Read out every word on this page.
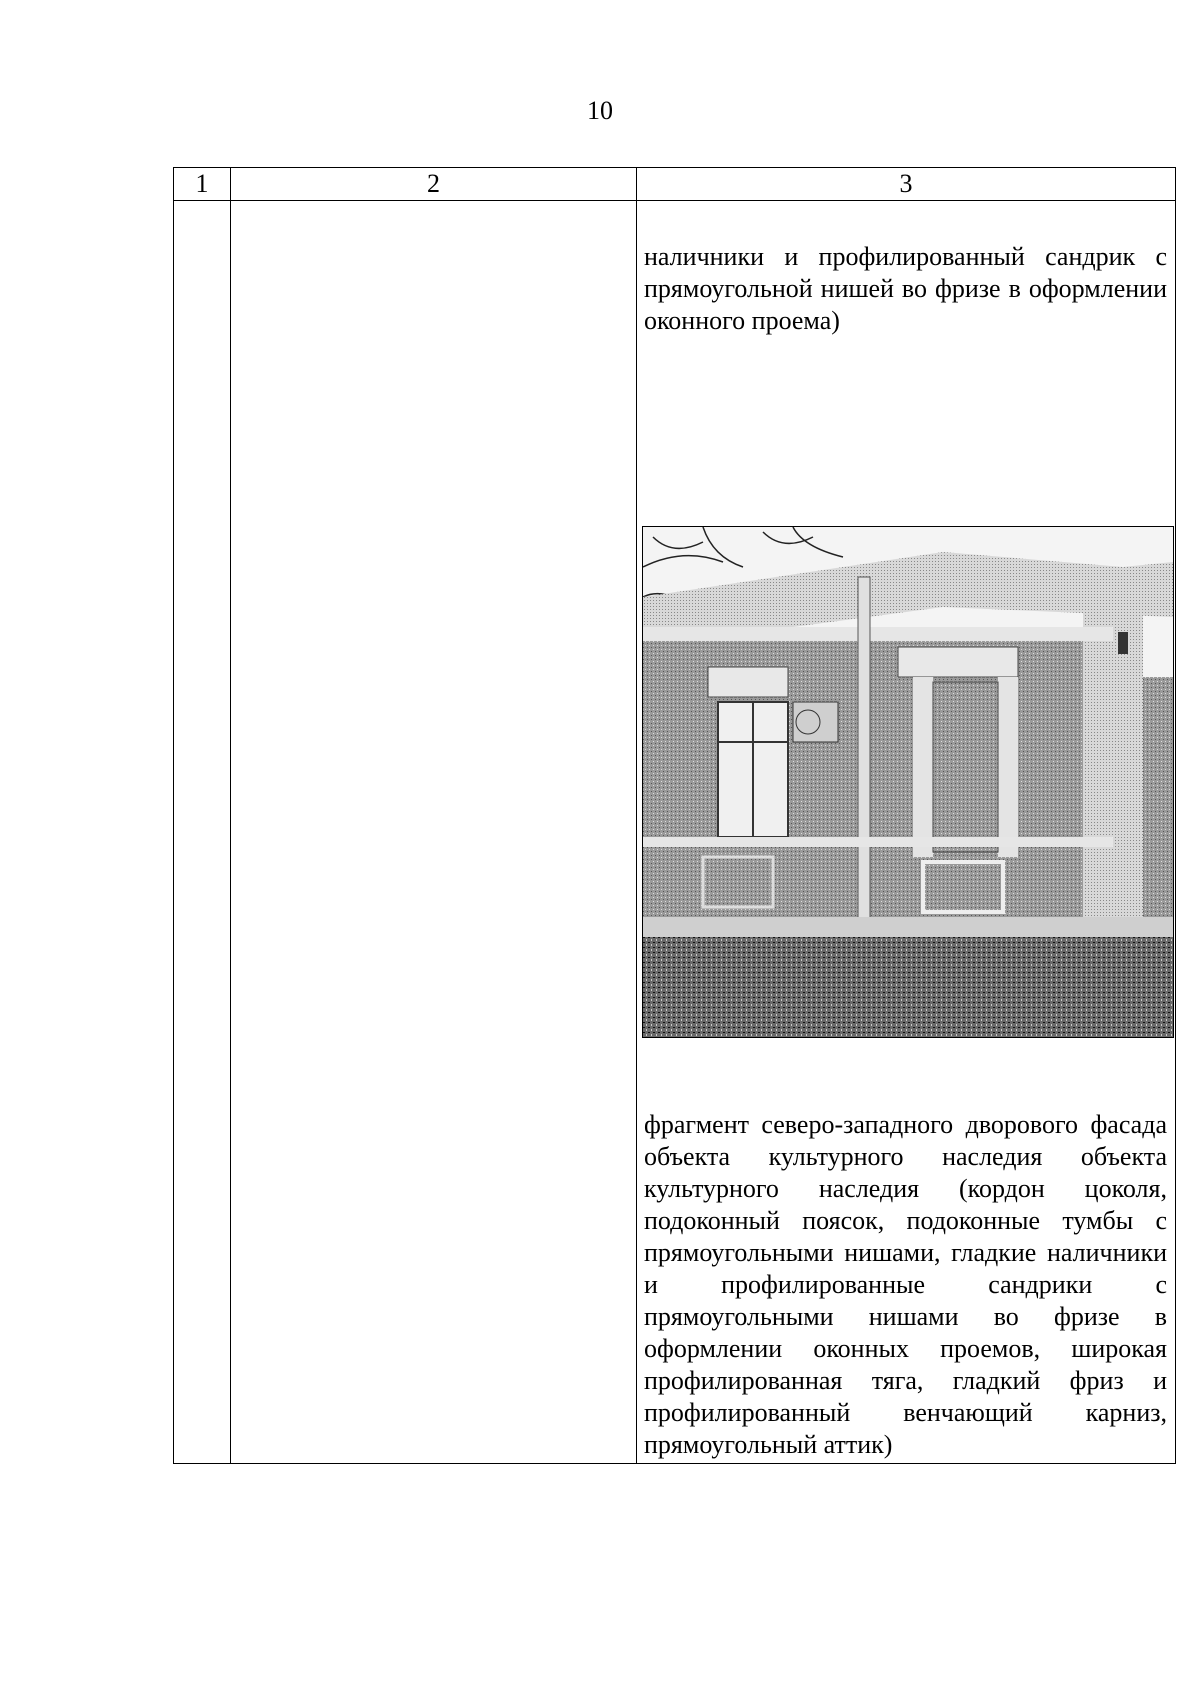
10
1	2	3

		наличники и профилированный сандрик с прямоугольной нишей во фризе в оформлении оконного проема)
фрагмент северо-западного дворового фасада объекта культурного наследия объекта культурного наследия (кордон цоколя, подоконный поясок, подоконные тумбы с прямоугольными нишами, гладкие наличники и профилированные сандрики с прямоугольными нишами во фризе в оформлении оконных проемов, широкая профилированная тяга, гладкий фриз и профилированный венчающий карниз, прямоугольный аттик)
